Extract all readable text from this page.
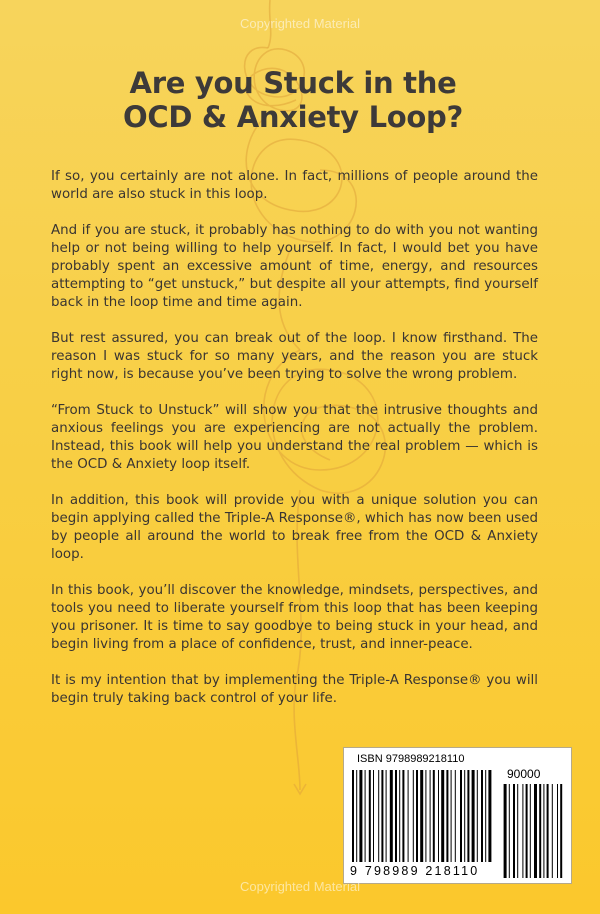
Copyrighted Material
Are you Stuck in the
OCD & Anxiety Loop?

If so, you certainly are not alone. In fact, millions of people around the world are also stuck in this loop.

And if you are stuck, it probably has nothing to do with you not wanting help or not being willing to help yourself. In fact, I would bet you have probably spent an excessive amount of time, energy, and resources attempting to “get unstuck,” but despite all your attempts, find yourself back in the loop time and time again.

But rest assured, you can break out of the loop. I know firsthand. The reason I was stuck for so many years, and the reason you are stuck right now, is because you’ve been trying to solve the wrong problem.

“From Stuck to Unstuck” will show you that the intrusive thoughts and anxious feelings you are experiencing are not actually the problem. Instead, this book will help you understand the real problem — which is the OCD & Anxiety loop itself.

In addition, this book will provide you with a unique solution you can begin applying called the Triple-A Response®, which has now been used by people all around the world to break free from the OCD & Anxiety loop.

In this book, you’ll discover the knowledge, mindsets, perspectives, and tools you need to liberate yourself from this loop that has been keeping you prisoner. It is time to say goodbye to being stuck in your head, and begin living from a place of confidence, trust, and inner-peace.

It is my intention that by implementing the Triple-A Response® you will begin truly taking back control of your life.

ISBN 9798989218110
90000
9 798989 218110
Copyrighted Material
